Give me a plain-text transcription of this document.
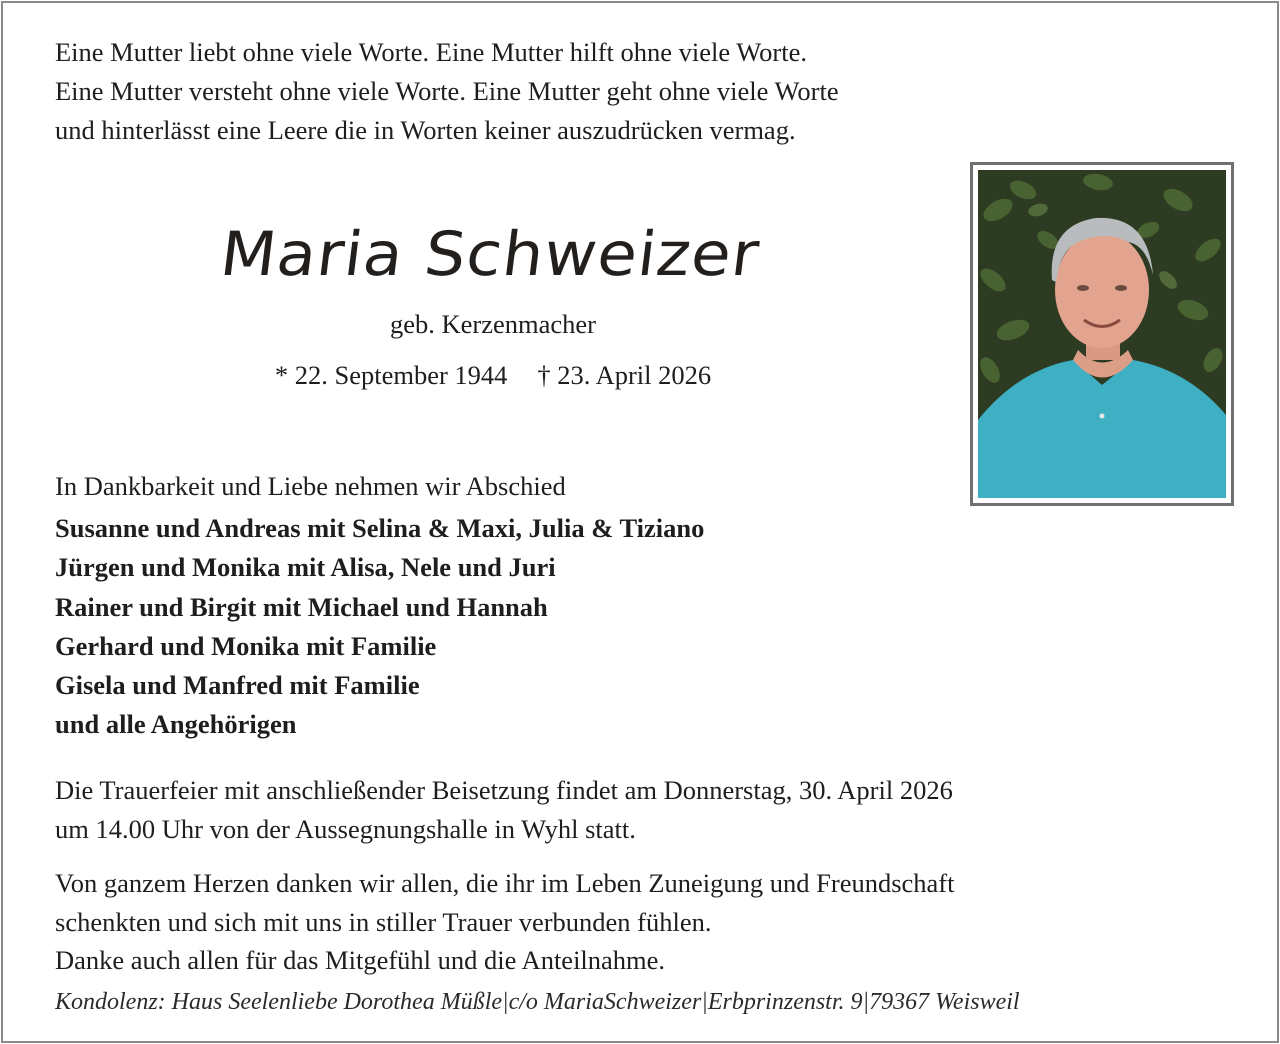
Eine Mutter liebt ohne viele Worte. Eine Mutter hilft ohne viele Worte.
Eine Mutter versteht ohne viele Worte. Eine Mutter geht ohne viele Worte
und hinterlässt eine Leere die in Worten keiner auszudrücken vermag.
Maria Schweizer
geb. Kerzenmacher
* 22. September 1944 † 23. April 2026
In Dankbarkeit und Liebe nehmen wir Abschied
Susanne und Andreas mit Selina & Maxi, Julia & Tiziano
Jürgen und Monika mit Alisa, Nele und Juri
Rainer und Birgit mit Michael und Hannah
Gerhard und Monika mit Familie
Gisela und Manfred mit Familie
und alle Angehörigen
Die Trauerfeier mit anschließender Beisetzung findet am Donnerstag, 30. April 2026
um 14.00 Uhr von der Aussegnungshalle in Wyhl statt.
Von ganzem Herzen danken wir allen, die ihr im Leben Zuneigung und Freundschaft
schenkten und sich mit uns in stiller Trauer verbunden fühlen.
Danke auch allen für das Mitgefühl und die Anteilnahme.
Kondolenz: Haus Seelenliebe Dorothea Müßle|c/o MariaSchweizer|Erbprinzenstr. 9|79367 Weisweil
